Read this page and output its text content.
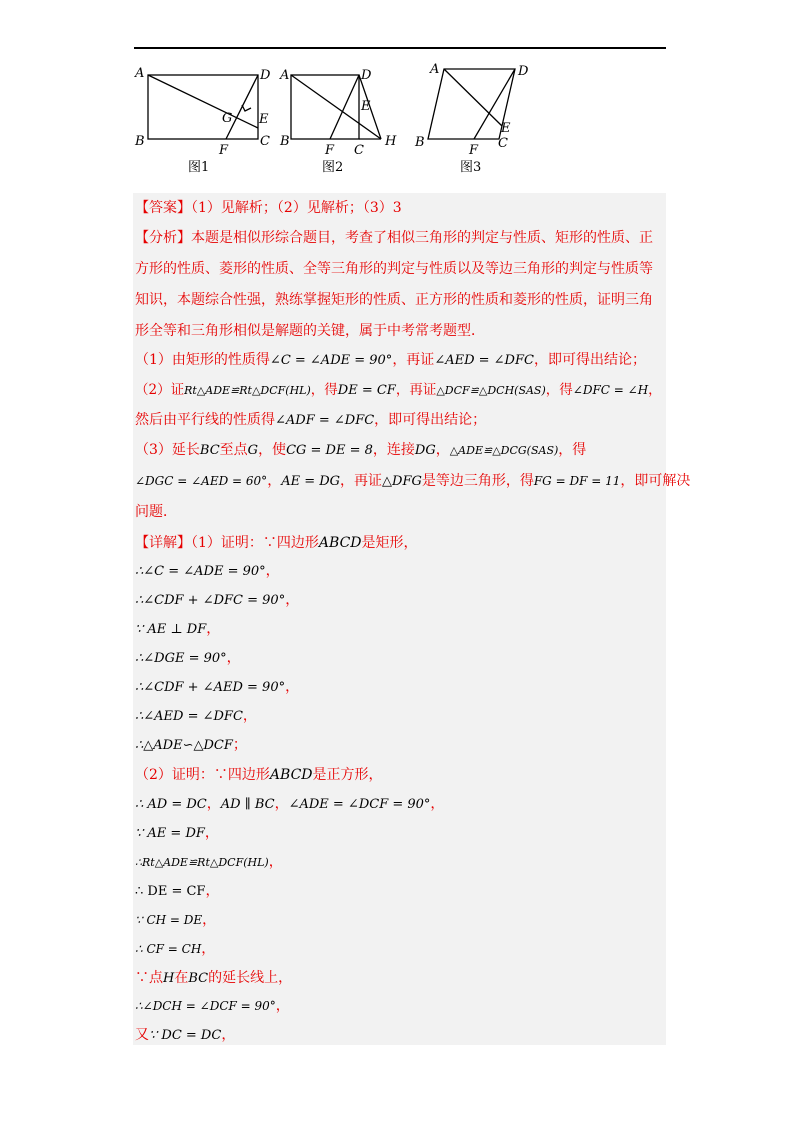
A	D
G E
B
F
C
图1
A	D
E
B
F C
H
图2
A	D
E
B
F C
图3
【答案】（1）见解析；（2）见解析；（3）3
【分析】本题是相似形综合题目，考查了相似三角形的判定与性质、矩形的性质、正方形的性质、菱形的性质、全等三角形的判定与性质以及等边三角形的判定与性质等知识，本题综合性强，熟练掌握矩形的性质、正方形的性质和菱形的性质，证明三角形全等和三角形相似是解题的关键，属于中考常考题型．
（1）由矩形的性质得∠C = ∠ADE = 90°，再证∠AED = ∠DFC，即可得出结论；
（2）证Rt△ADE≌Rt△DCF(HL)，得DE = CF，再证△DCF≌△DCH(SAS)，得∠DFC = ∠H，
然后由平行线的性质得∠ADF = ∠DFC，即可得出结论；
（3）延长BC至点G，使CG = DE = 8，连接DG，△ADE≌△DCG(SAS)，得
∠DGC = ∠AED = 60°，AE = DG，再证△DFG是等边三角形，得FG = DF = 11，即可解决
问题．
【详解】（1）证明：∵四边形ABCD是矩形，
∴∠C = ∠ADE = 90°，
∴∠CDF + ∠DFC = 90°，
∵ AE ⊥ DF，
∴∠DGE = 90°，
∴∠CDF + ∠AED = 90°，
∴∠AED = ∠DFC，
∴△ADE∽△DCF；
（2）证明：∵四边形ABCD是正方形，
∴ AD = DC，AD ∥ BC，∠ADE = ∠DCF = 90°，
∵ AE = DF，
∴Rt△ADE≌Rt△DCF(HL)，
∴ DE = CF，
∵ CH = DE，
∴ CF = CH，
∵点H在BC的延长线上，
∴∠DCH = ∠DCF = 90°，
又∵ DC = DC，
